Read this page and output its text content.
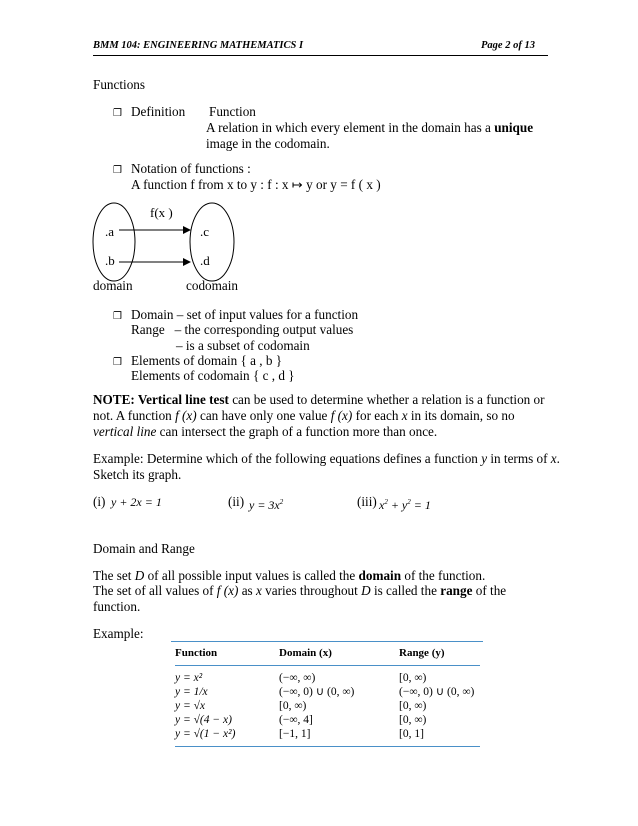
BMM 104: ENGINEERING MATHEMATICS I	Page 2 of 13
Functions
❒ Definition Function
A relation in which every element in the domain has a unique
image in the codomain.
❒ Notation of functions :
A function f from x to y : f : x ↦ y or y = f ( x )
f(x )
.a
.b
.c
.d
domain	codomain
❒ Domain – set of input values for a function
Range   – the corresponding output values
– is a subset of codomain
❒ Elements of domain { a , b }
Elements of codomain { c , d }
NOTE: Vertical line test can be used to determine whether a relation is a function or
not. A function f (x) can have only one value f (x) for each x in its domain, so no
vertical line can intersect the graph of a function more than once.
Example: Determine which of the following equations defines a function y in terms of x.
Sketch its graph.
(i) y + 2x = 1	(ii) $y = 3x^2$	(iii) $x^2 + y^2 = 1$
Domain and Range
The set D of all possible input values is called the domain of the function.
The set of all values of f (x) as x varies throughout D is called the range of the
function.
Example:
Function	Domain (x)	Range (y)
y = x²	(−∞, ∞)	[0, ∞)
y = 1/x	(−∞, 0) ∪ (0, ∞)	(−∞, 0) ∪ (0, ∞)
y = √x	[0, ∞)	[0, ∞)
y = √(4 − x)	(−∞, 4]	[0, ∞)
y = √(1 − x²)	[−1, 1]	[0, 1]
